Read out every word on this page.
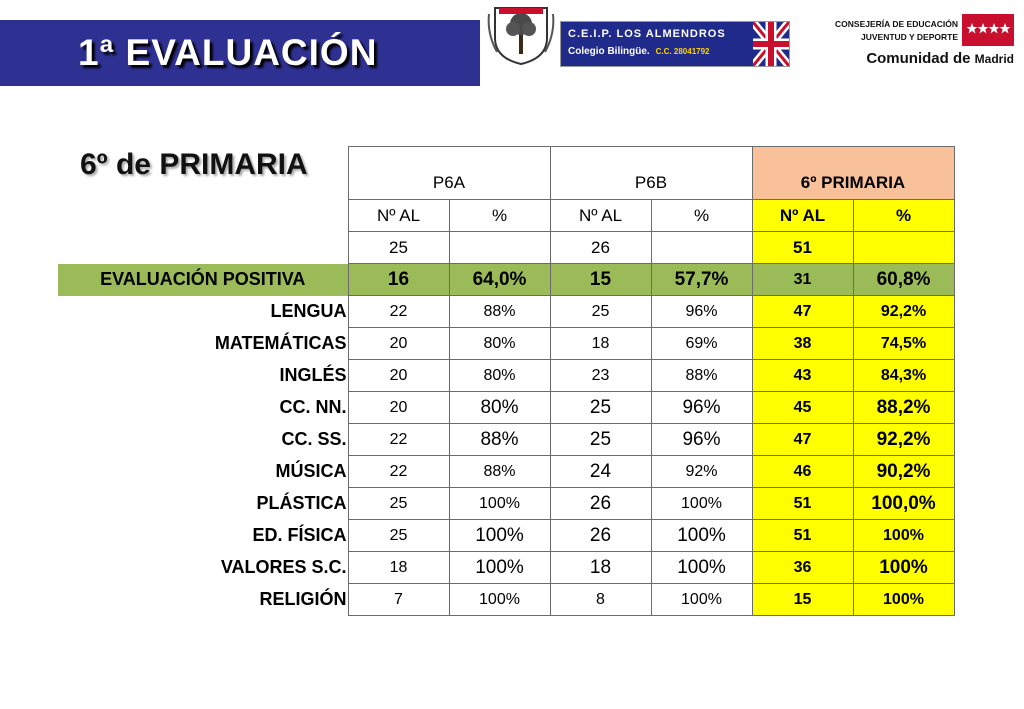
1ª EVALUACIÓN	C.E.I.P. LOS ALMENDROS
Colegio Bilingüe. C.C. 28041792
CONSEJERÍA DE EDUCACIÓN
JUVENTUD Y DEPORTE
Comunidad de Madrid
	P6A		P6B		6º PRIMARIA	
	Nº AL	%	Nº AL	%	Nº AL	%
	25		26		51	
EVALUACIÓN POSITIVA	16	64,0%	15	57,7%	31	60,8%
LENGUA	22	88%	25	96%	47	92,2%
MATEMÁTICAS	20	80%	18	69%	38	74,5%
INGLÉS	20	80%	23	88%	43	84,3%
CC. NN.	20	80%	25	96%	45	88,2%
CC. SS.	22	88%	25	96%	47	92,2%
MÚSICA	22	88%	24	92%	46	90,2%
PLÁSTICA	25	100%	26	100%	51	100,0%
ED. FÍSICA	25	100%	26	100%	51	100%
VALORES S.C.	18	100%	18	100%	36	100%
RELIGIÓN	7	100%	8	100%	15	100%
6º de PRIMARIA
